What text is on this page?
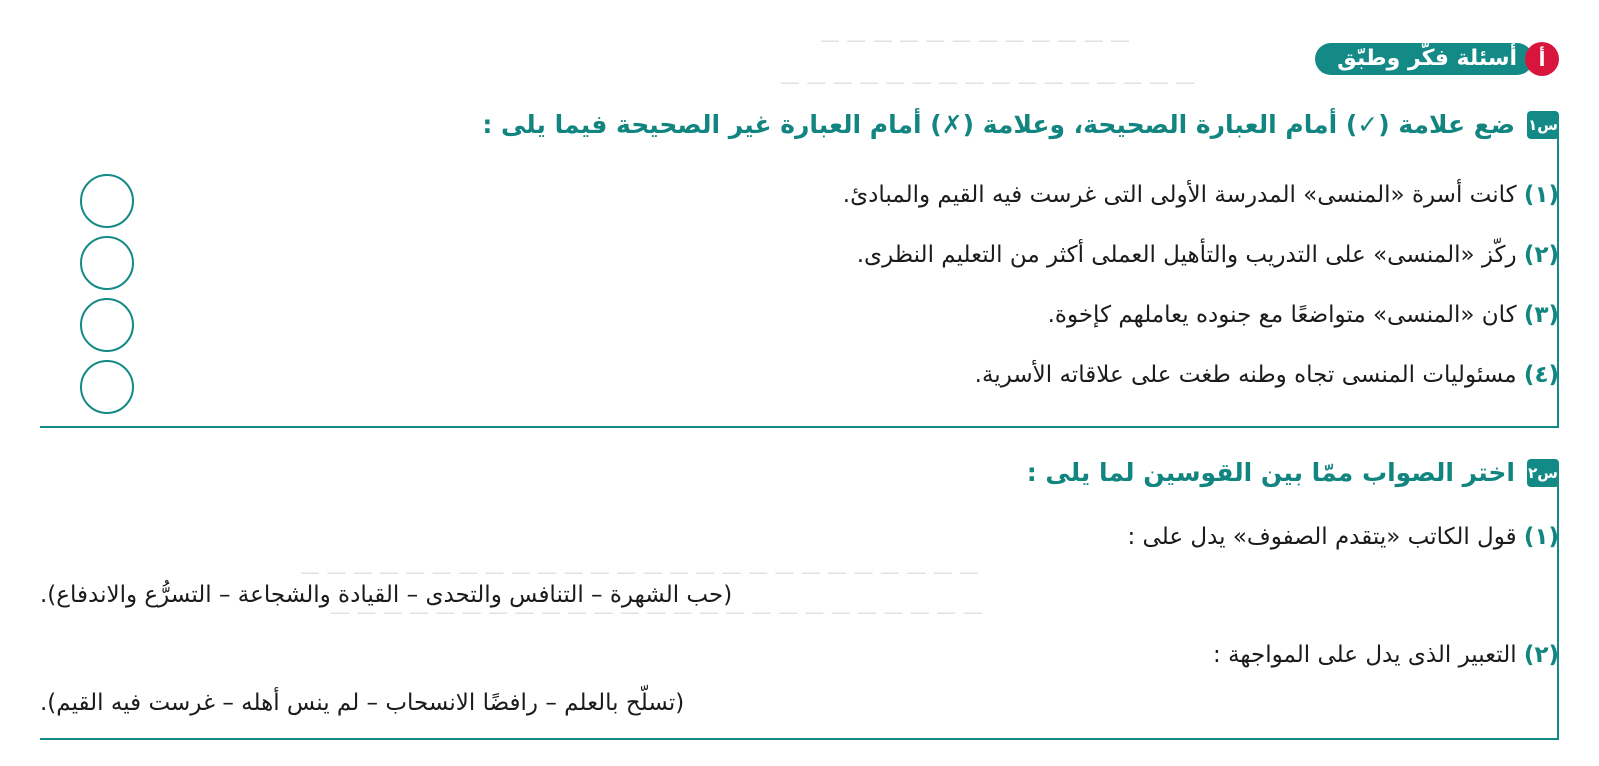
— — — — — — — — — — — —
— — — — — — — — — — — — — — — —
— — — — — — — — — — — — — — — — — — — — — — — — — —
— — — — — — — — — — — — — — — — — — — — — — — — —
أ
أسئلة فكّر وطبّق
س١
ضع علامة (✓) أمام العبارة الصحيحة، وعلامة (✗) أمام العبارة غير الصحيحة فيما يلى :
(١) كانت أسرة «المنسى» المدرسة الأولى التى غرست فيه القيم والمبادئ.
(٢) ركّز «المنسى» على التدريب والتأهيل العملى أكثر من التعليم النظرى.
(٣) كان «المنسى» متواضعًا مع جنوده يعاملهم كإخوة.
(٤) مسئوليات المنسى تجاه وطنه طغت على علاقاته الأسرية.
س٢
اختر الصواب ممّا بين القوسين لما يلى :
(١) قول الكاتب «يتقدم الصفوف» يدل على :
(حب الشهرة – التنافس والتحدى – القيادة والشجاعة – التسرُّع والاندفاع).
(٢) التعبير الذى يدل على المواجهة :
(تسلّح بالعلم – رافضًا الانسحاب – لم ينس أهله – غرست فيه القيم).
